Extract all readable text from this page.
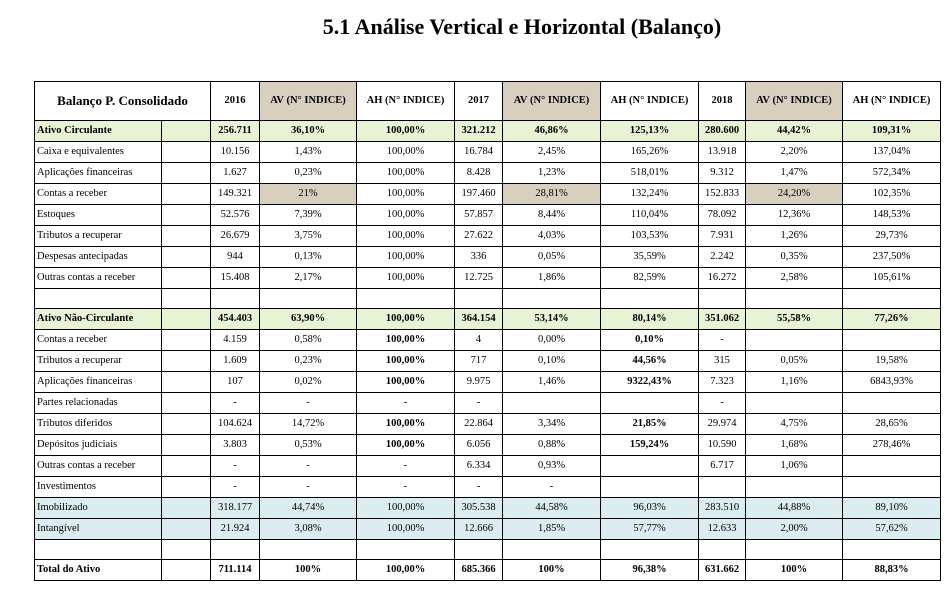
5.1 Análise Vertical e Horizontal (Balanço)
Balanço P. Consolidado		2016	AV (N° INDICE)	AH (N° INDICE)	2017	AV (N° INDICE)	AH (N° INDICE)	2018	AV (N° INDICE)	AH (N° INDICE)
Ativo Circulante		256.711	36,10%	100,00%	321.212	46,86%	125,13%	280.600	44,42%	109,31%
Caixa e equivalentes		10.156	1,43%	100,00%	16.784	2,45%	165,26%	13.918	2,20%	137,04%
Aplicações financeiras		1.627	0,23%	100,00%	8.428	1,23%	518,01%	9.312	1,47%	572,34%
Contas a receber		149.321	21%	100,00%	197.460	28,81%	132,24%	152.833	24,20%	102,35%
Estoques		52.576	7,39%	100,00%	57.857	8,44%	110,04%	78.092	12,36%	148,53%
Tributos a recuperar		26.679	3,75%	100,00%	27.622	4,03%	103,53%	7.931	1,26%	29,73%
Despesas antecipadas		944	0,13%	100,00%	336	0,05%	35,59%	2.242	0,35%	237,50%
Outras contas a receber		15.408	2,17%	100,00%	12.725	1,86%	82,59%	16.272	2,58%	105,61%

Ativo Não-Circulante		454.403	63,90%	100,00%	364.154	53,14%	80,14%	351.062	55,58%	77,26%
Contas a receber		4.159	0,58%	100,00%	4	0,00%	0,10%	-		
Tributos a recuperar		1.609	0,23%	100,00%	717	0,10%	44,56%	315	0,05%	19,58%
Aplicações financeiras		107	0,02%	100,00%	9.975	1,46%	9322,43%	7.323	1,16%	6843,93%
Partes relacionadas		-	-	-	-			-		
Tributos diferidos		104.624	14,72%	100,00%	22.864	3,34%	21,85%	29.974	4,75%	28,65%
Depósitos judiciais		3.803	0,53%	100,00%	6.056	0,88%	159,24%	10.590	1,68%	278,46%
Outras contas a receber		-	-	-	6.334	0,93%		6.717	1,06%	
Investimentos		-	-	-	-	-				
Imobilizado		318.177	44,74%	100,00%	305.538	44,58%	96,03%	283.510	44,88%	89,10%
Intangível		21.924	3,08%	100,00%	12.666	1,85%	57,77%	12.633	2,00%	57,62%

Total do Ativo		711.114	100%	100,00%	685.366	100%	96,38%	631.662	100%	88,83%
